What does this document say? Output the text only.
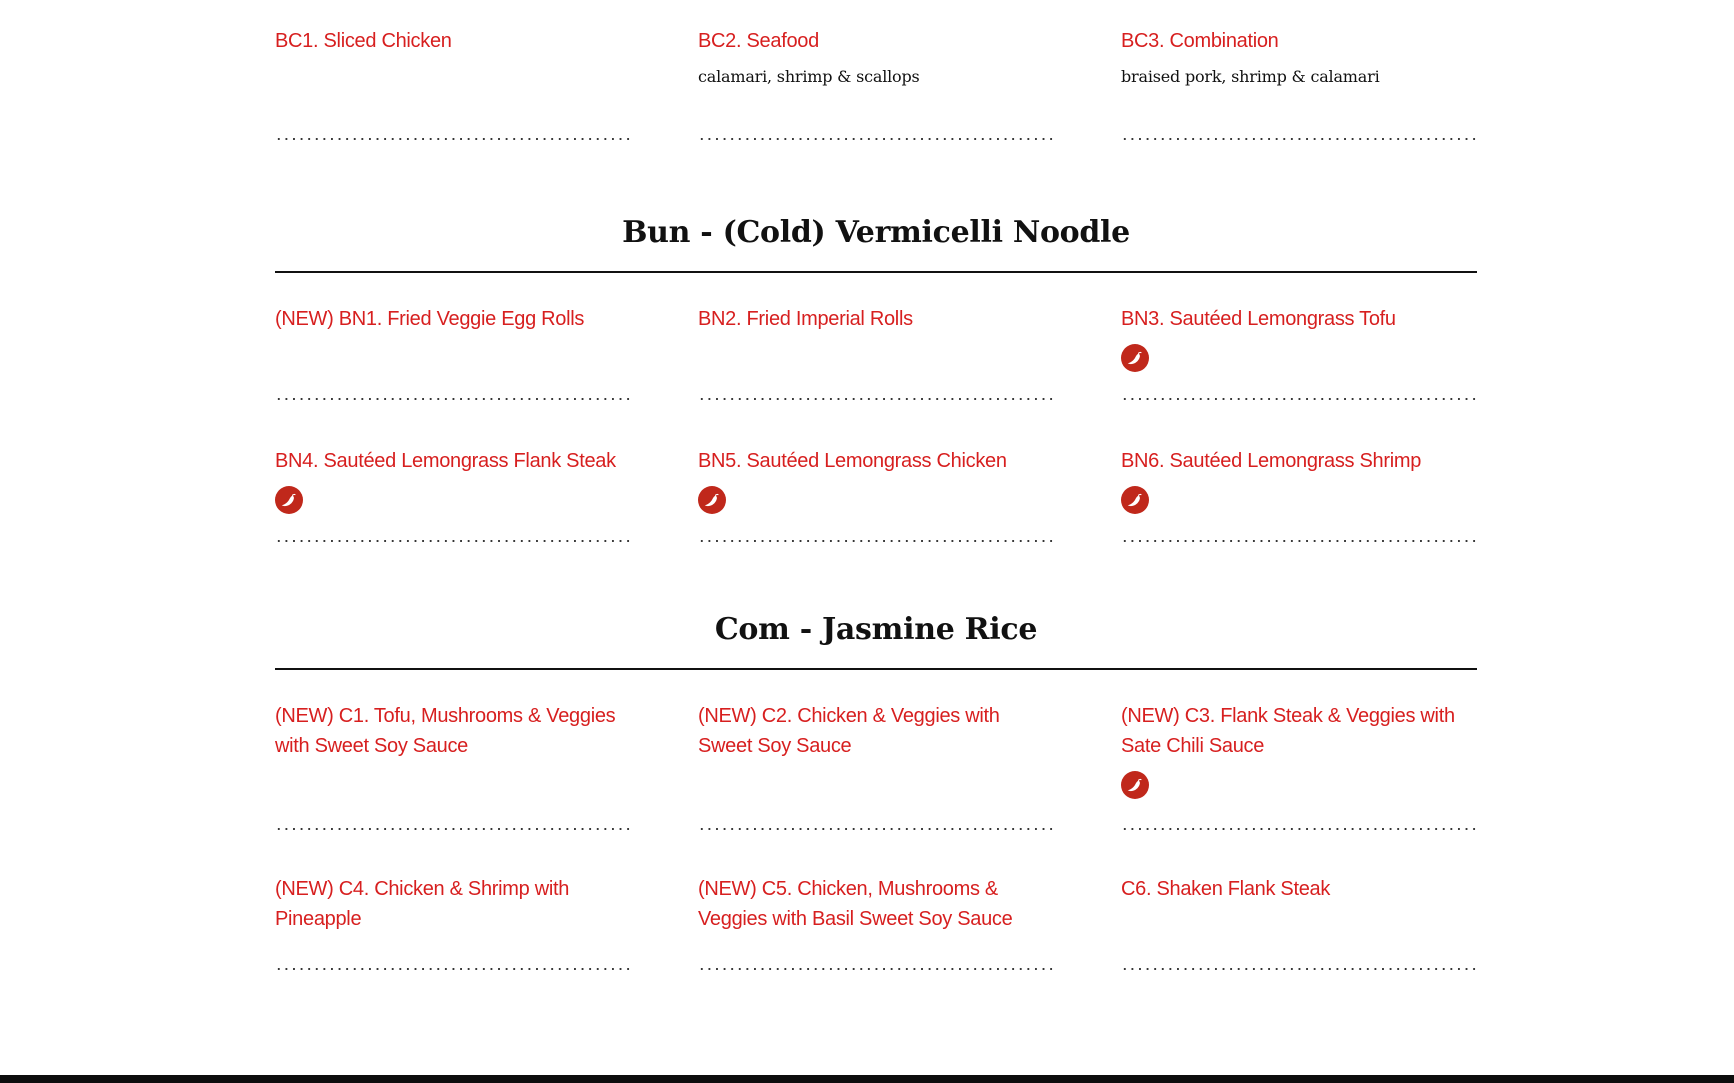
BC1. Sliced Chicken	BC2. Seafood
calamari, shrimp & scallops
BC3. Combination
braised pork, shrimp & calamari
Bun - (Cold) Vermicelli Noodle
(NEW) BN1. Fried Veggie Egg Rolls	BN2. Fried Imperial Rolls	BN3. Sautéed Lemongrass Tofu
BN4. Sautéed Lemongrass Flank Steak	BN5. Sautéed Lemongrass Chicken	BN6. Sautéed Lemongrass Shrimp
Com - Jasmine Rice
(NEW) C1. Tofu, Mushrooms & Veggies with Sweet Soy Sauce
(NEW) C2. Chicken & Veggies with Sweet Soy Sauce
(NEW) C3. Flank Steak & Veggies with Sate Chili Sauce
(NEW) C4. Chicken & Shrimp with Pineapple
(NEW) C5. Chicken, Mushrooms & Veggies with Basil Sweet Soy Sauce
C6. Shaken Flank Steak
